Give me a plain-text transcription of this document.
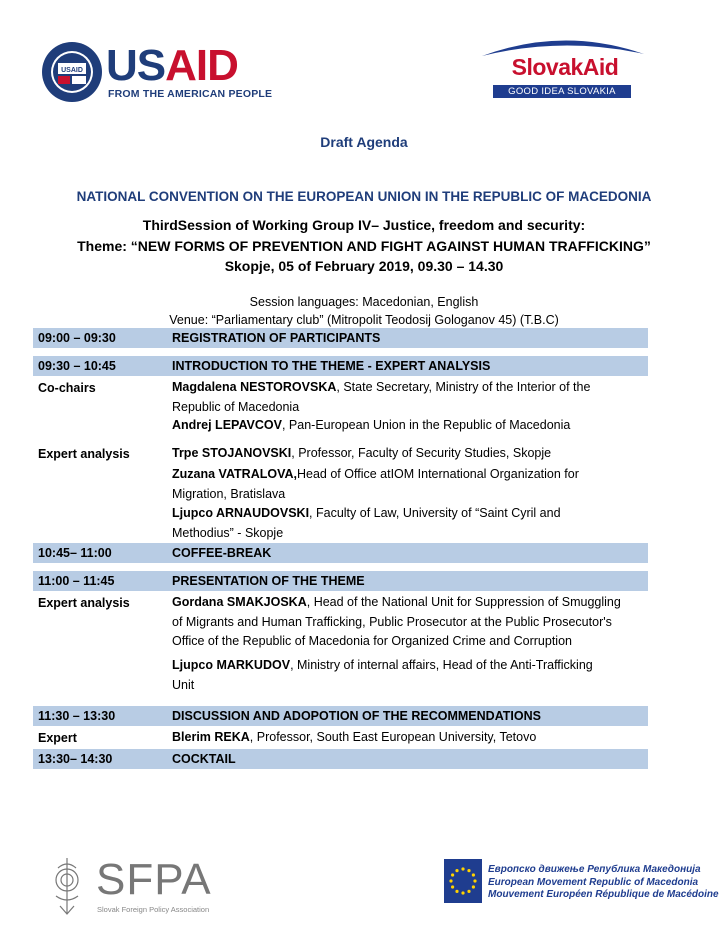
USAID USAID
FROM THE AMERICAN PEOPLE
SlovakAid
GOOD IDEA SLOVAKIA
Draft Agenda
NATIONAL CONVENTION ON THE EUROPEAN UNION IN THE REPUBLIC OF MACEDONIA
ThirdSession of Working Group IV– Justice, freedom and security:
Theme: “NEW FORMS OF PREVENTION AND FIGHT AGAINST HUMAN TRAFFICKING”
Skopje, 05 of February 2019, 09.30 – 14.30
Session languages: Macedonian, English
Venue: “Parliamentary club” (Mitropolit Teodosij Gologanov 45) (T.B.C)
09:00 – 09:30	REGISTRATION OF PARTICIPANTS
09:30 – 10:45	INTRODUCTION TO THE THEME - EXPERT ANALYSIS
Co-chairs	Magdalena NESTOROVSKA, State Secretary, Ministry of the Interior of the
Republic of Macedonia
Andrej LEPAVCOV, Pan-European Union in the Republic of Macedonia
Expert analysis	Trpe STOJANOVSKI, Professor, Faculty of Security Studies, Skopje
Zuzana VATRALOVA,Head of Office atIOM International Organization for
Migration, Bratislava
Ljupco ARNAUDOVSKI, Faculty of Law, University of “Saint Cyril and
Methodius” - Skopje
10:45– 11:00	COFFEE-BREAK
11:00 – 11:45	PRESENTATION OF THE THEME
Expert analysis	Gordana SMAKJOSKA, Head of the National Unit for Suppression of Smuggling
of Migrants and Human Trafficking, Public Prosecutor at the Public Prosecutor's
Office of the Republic of Macedonia for Organized Crime and Corruption
Ljupco MARKUDOV, Ministry of internal affairs, Head of the Anti-Trafficking
Unit
11:30 – 13:30	DISCUSSION AND ADOPOTION OF THE RECOMMENDATIONS
Expert	Blerim REKA, Professor, South East European University, Tetovo
13:30– 14:30	COCKTAIL
SFPA
Slovak Foreign Policy Association
Европско движење Република Македонија
European Movement Republic of Macedonia
Mouvement Européen République de Macédoine
